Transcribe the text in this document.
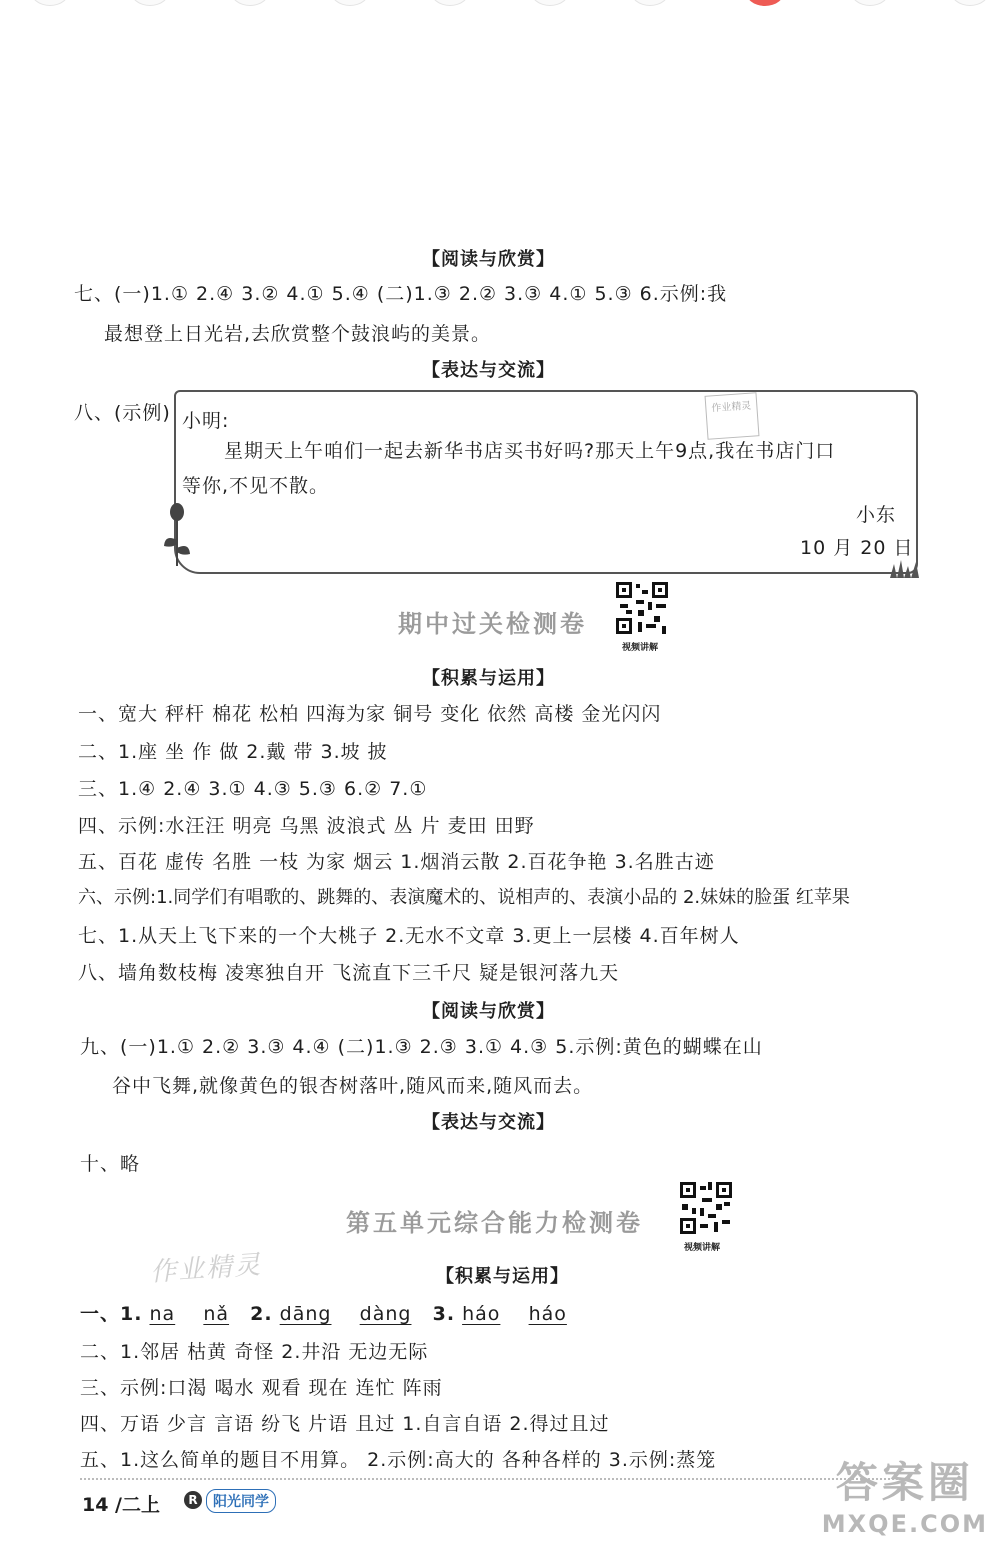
【阅读与欣赏】
七、(一)1.① 2.④ 3.② 4.① 5.④ (二)1.③ 2.② 3.③ 4.① 5.③ 6.示例:我
最想登上日光岩,去欣赏整个鼓浪屿的美景。
【表达与交流】
八、(示例) 小明:
星期天上午咱们一起去新华书店买书好吗?那天上午9点,我在书店门口
等你,不见不散。
小东
10 月 20 日
作业精灵
期中过关检测卷
视频讲解
【积累与运用】
一、宽大 秤杆 棉花 松柏 四海为家 铜号 变化 依然 高楼 金光闪闪
二、1.座 坐 作 做 2.戴 带 3.坡 披
三、1.④ 2.④ 3.① 4.③ 5.③ 6.② 7.①
四、示例:水汪汪 明亮 乌黑 波浪式 丛 片 麦田 田野
五、百花 虚传 名胜 一枝 为家 烟云 1.烟消云散 2.百花争艳 3.名胜古迹
六、示例:1.同学们有唱歌的、跳舞的、表演魔术的、说相声的、表演小品的 2.妹妹的脸蛋 红苹果
七、1.从天上飞下来的一个大桃子 2.无水不文章 3.更上一层楼 4.百年树人
八、墙角数枝梅 凌寒独自开 飞流直下三千尺 疑是银河落九天
【阅读与欣赏】
九、(一)1.① 2.② 3.③ 4.④ (二)1.③ 2.③ 3.① 4.③ 5.示例:黄色的蝴蝶在山
谷中飞舞,就像黄色的银杏树落叶,随风而来,随风而去。
【表达与交流】
十、略
第五单元综合能力检测卷
视频讲解
作业精灵	【积累与运用】
一、1. na nǎ 2. dāng dàng 3. háo háo
二、1.邻居 枯黄 奇怪 2.井沿 无边无际
三、示例:口渴 喝水 观看 现在 连忙 阵雨
四、万语 少言 言语 纷飞 片语 且过 1.自言自语 2.得过且过
五、1.这么简单的题目不用算。 2.示例:高大的 各种各样的 3.示例:蒸笼
14 /二上	R	阳光同学	答案圈
MXQE.COM
